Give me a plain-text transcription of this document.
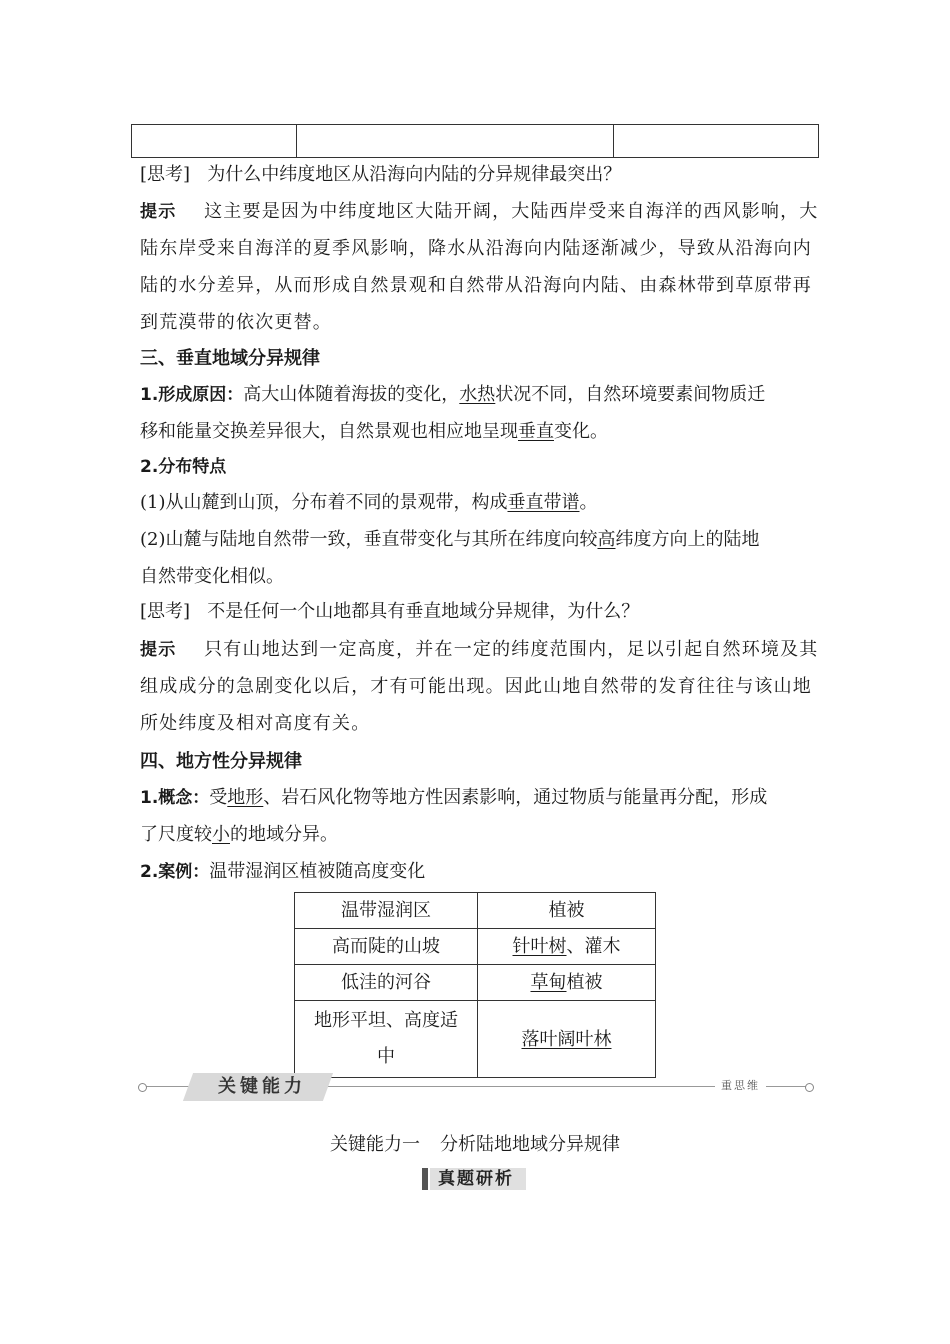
[思考] 为什么中纬度地区从沿海向内陆的分异规律最突出？
提示 这主要是因为中纬度地区大陆开阔，大陆西岸受来自海洋的西风影响，大
陆东岸受来自海洋的夏季风影响，降水从沿海向内陆逐渐减少，导致从沿海向内
陆的水分差异，从而形成自然景观和自然带从沿海向内陆、由森林带到草原带再
到荒漠带的依次更替。
三、垂直地域分异规律
1.形成原因：高大山体随着海拔的变化，水热状况不同，自然环境要素间物质迁
移和能量交换差异很大，自然景观也相应地呈现垂直变化。
2.分布特点
(1)从山麓到山顶，分布着不同的景观带，构成垂直带谱。
(2)山麓与陆地自然带一致，垂直带变化与其所在纬度向较高纬度方向上的陆地
自然带变化相似。
[思考] 不是任何一个山地都具有垂直地域分异规律，为什么？
提示 只有山地达到一定高度，并在一定的纬度范围内，足以引起自然环境及其
组成成分的急剧变化以后，才有可能出现。因此山地自然带的发育往往与该山地
所处纬度及相对高度有关。
四、地方性分异规律
1.概念：受地形、岩石风化物等地方性因素影响，通过物质与能量再分配，形成
了尺度较小的地域分异。
2.案例：温带湿润区植被随高度变化
温带湿润区	植被
高而陡的山坡	针叶树、灌木
低洼的河谷	草甸植被

地形平坦、高度适
中	落叶阔叶林
关键能力	重思维
关键能力一 分析陆地地域分异规律
真题研析
